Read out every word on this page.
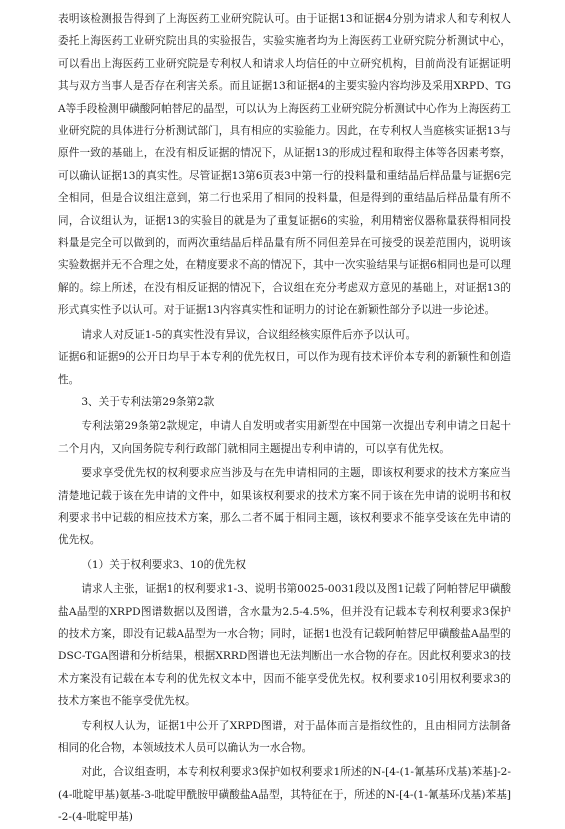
表明该检测报告得到了上海医药工业研究院认可。由于证据13和证据4分别为请求人和专利权人委托上海医药工业研究院出具的实验报告，实验实施者均为上海医药工业研究院分析测试中心，可以看出上海医药工业研究院是专利权人和请求人均信任的中立研究机构，目前尚没有证据证明其与双方当事人是否存在利害关系。而且证据13和证据4的主要实验内容均涉及采用XRPD、TGA等手段检测甲磺酸阿帕替尼的晶型，可以认为上海医药工业研究院分析测试中心作为上海医药工业研究院的具体进行分析测试部门，具有相应的实验能力。因此，在专利权人当庭核实证据13与原件一致的基础上，在没有相反证据的情况下，从证据13的形成过程和取得主体等各因素考察，可以确认证据13的真实性。尽管证据13第6页表3中第一行的投料量和重结晶后样品量与证据6完全相同，但是合议组注意到，第二行也采用了相同的投料量，但是得到的重结晶后样品量有所不同，合议组认为，证据13的实验目的就是为了重复证据6的实验，利用精密仪器称量获得相同投料量是完全可以做到的，而两次重结晶后样品量有所不同但差异在可接受的误差范围内，说明该实验数据并无不合理之处，在精度要求不高的情况下，其中一次实验结果与证据6相同也是可以理解的。综上所述，在没有相反证据的情况下，合议组在充分考虑双方意见的基础上，对证据13的形式真实性予以认可。对于证据13内容真实性和证明力的讨论在新颖性部分予以进一步论述。

请求人对反证1-5的真实性没有异议，合议组经核实原件后亦予以认可。

证据6和证据9的公开日均早于本专利的优先权日，可以作为现有技术评价本专利的新颖性和创造性。

3、关于专利法第29条第2款

专利法第29条第2款规定，申请人自发明或者实用新型在中国第一次提出专利申请之日起十二个月内，又向国务院专利行政部门就相同主题提出专利申请的，可以享有优先权。

要求享受优先权的权利要求应当涉及与在先申请相同的主题，即该权利要求的技术方案应当清楚地记载于该在先申请的文件中，如果该权利要求的技术方案不同于该在先申请的说明书和权利要求书中记载的相应技术方案，那么二者不属于相同主题，该权利要求不能享受该在先申请的优先权。

（1）关于权利要求3、10的优先权

请求人主张，证据1的权利要求1-3、说明书第0025-0031段以及图1记载了阿帕替尼甲磺酸盐A晶型的XRPD图谱数据以及图谱，含水量为2.5-4.5%，但并没有记载本专利权利要求3保护的技术方案，即没有记载A晶型为一水合物；同时，证据1也没有记载阿帕替尼甲磺酸盐A晶型的DSC-TGA图谱和分析结果，根据XRRD图谱也无法判断出一水合物的存在。因此权利要求3的技术方案没有记载在本专利的优先权文本中，因而不能享受优先权。权利要求10引用权利要求3的技术方案也不能享受优先权。

专利权人认为，证据1中公开了XRPD图谱，对于晶体而言是指纹性的，且由相同方法制备相同的化合物，本领域技术人员可以确认为一水合物。

对此，合议组查明，本专利权利要求3保护如权利要求1所述的N-[4-(1-氰基环戊基)苯基]-2-(4-吡啶甲基)氨基-3-吡啶甲酰胺甲磺酸盐A晶型，其特征在于，所述的N-[4-(1-氰基环戊基)苯基]-2-(4-吡啶甲基)
